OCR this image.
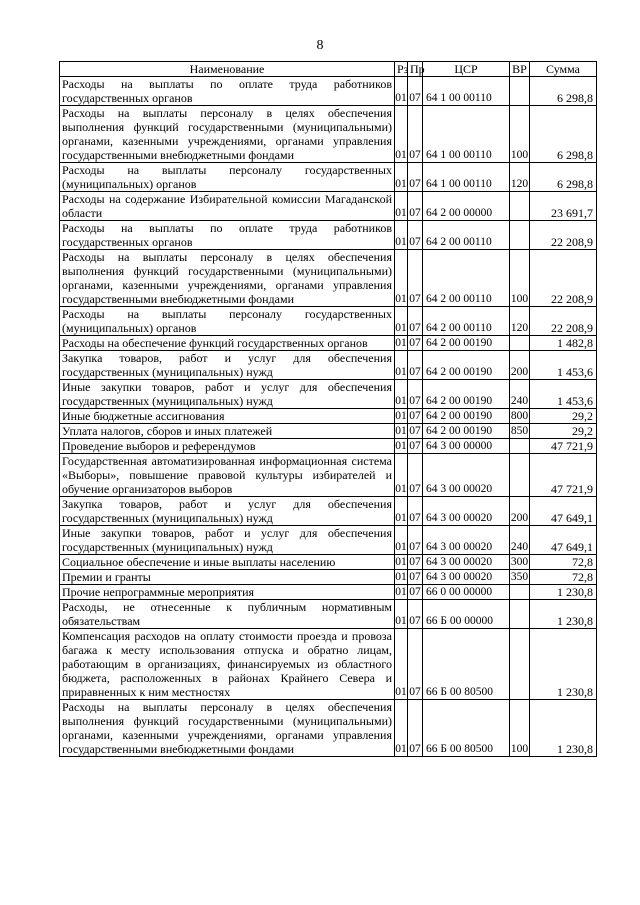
8
Наименование	Рз	Пр	ЦСР	ВР	Сумма
Расходы на выплаты по оплате труда работников государственных органов	01	07	64 1 00 00110		6 298,8
Расходы на выплаты персоналу в целях обеспечения выполнения функций государственными (муниципальными) органами, казенными учреждениями, органами управления государственными внебюджетными фондами	01	07	64 1 00 00110	100	6 298,8
Расходы на выплаты персоналу государственных (муниципальных) органов	01	07	64 1 00 00110	120	6 298,8
Расходы на содержание Избирательной комиссии Магаданской области	01	07	64 2 00 00000		23 691,7
Расходы на выплаты по оплате труда работников государственных органов	01	07	64 2 00 00110		22 208,9
Расходы на выплаты персоналу в целях обеспечения выполнения функций государственными (муниципальными) органами, казенными учреждениями, органами управления государственными внебюджетными фондами	01	07	64 2 00 00110	100	22 208,9
Расходы на выплаты персоналу государственных (муниципальных) органов	01	07	64 2 00 00110	120	22 208,9
Расходы на обеспечение функций государственных органов	01	07	64 2 00 00190		1 482,8
Закупка товаров, работ и услуг для обеспечения государственных (муниципальных) нужд	01	07	64 2 00 00190	200	1 453,6
Иные закупки товаров, работ и услуг для обеспечения государственных (муниципальных) нужд	01	07	64 2 00 00190	240	1 453,6
Иные бюджетные ассигнования	01	07	64 2 00 00190	800	29,2
Уплата налогов, сборов и иных платежей	01	07	64 2 00 00190	850	29,2
Проведение выборов и референдумов	01	07	64 3 00 00000		47 721,9
Государственная автоматизированная информационная система «Выборы», повышение правовой культуры избирателей и обучение организаторов выборов	01	07	64 3 00 00020		47 721,9
Закупка товаров, работ и услуг для обеспечения государственных (муниципальных) нужд	01	07	64 3 00 00020	200	47 649,1
Иные закупки товаров, работ и услуг для обеспечения государственных (муниципальных) нужд	01	07	64 3 00 00020	240	47 649,1
Социальное обеспечение и иные выплаты населению	01	07	64 3 00 00020	300	72,8
Премии и гранты	01	07	64 3 00 00020	350	72,8
Прочие непрограммные мероприятия	01	07	66 0 00 00000		1 230,8
Расходы, не отнесенные к публичным нормативным обязательствам	01	07	66 Б 00 00000		1 230,8
Компенсация расходов на оплату стоимости проезда и провоза багажа к месту использования отпуска и обратно лицам, работающим в организациях, финансируемых из областного бюджета, расположенных в районах Крайнего Севера и приравненных к ним местностях	01	07	66 Б 00 80500		1 230,8
Расходы на выплаты персоналу в целях обеспечения выполнения функций государственными (муниципальными) органами, казенными учреждениями, органами управления государственными внебюджетными фондами	01	07	66 Б 00 80500	100	1 230,8
